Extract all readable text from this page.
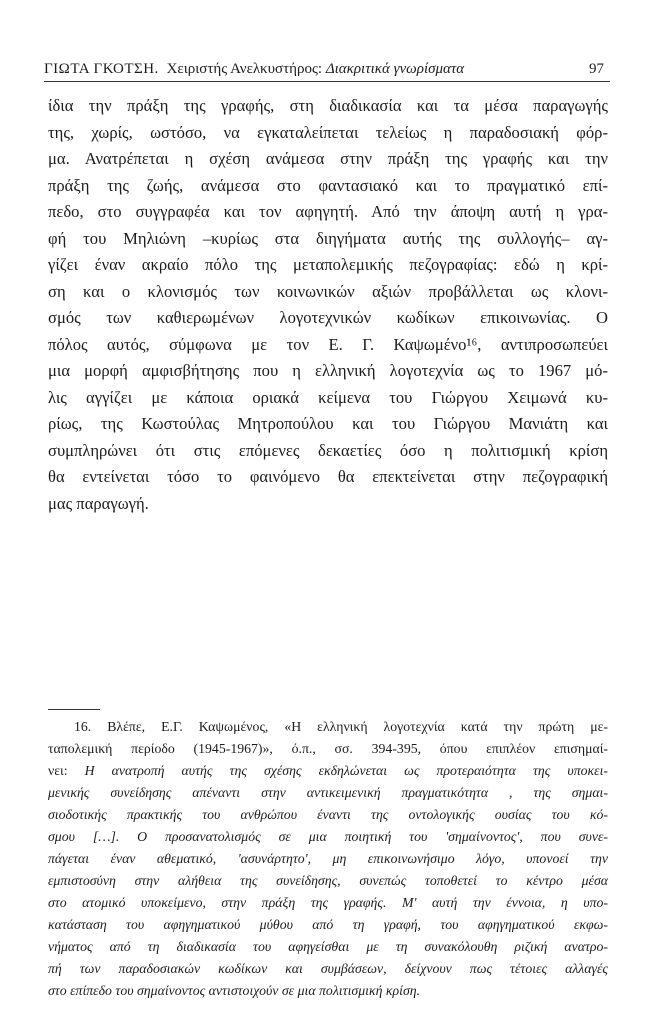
ΓΙΩΤΑ ΓΚΟΤΣΗ. Χειριστής Ανελκυστήρος: Διακριτικά γνωρίσματα	97
ίδια την πράξη της γραφής, στη διαδικασία και τα μέσα παραγωγής
της, χωρίς, ωστόσο, να εγκαταλείπεται τελείως η παραδοσιακή φόρ-
μα. Ανατρέπεται η σχέση ανάμεσα στην πράξη της γραφής και την
πράξη της ζωής, ανάμεσα στο φαντασιακό και το πραγματικό επί-
πεδο, στο συγγραφέα και τον αφηγητή. Από την άποψη αυτή η γρα-
φή του Μηλιώνη –κυρίως στα διηγήματα αυτής της συλλογής– αγ-
γίζει έναν ακραίο πόλο της μεταπολεμικής πεζογραφίας: εδώ η κρί-
ση και ο κλονισμός των κοινωνικών αξιών προβάλλεται ως κλονι-
σμός των καθιερωμένων λογοτεχνικών κωδίκων επικοινωνίας. Ο
πόλος αυτός, σύμφωνα με τον Ε. Γ. Καψωμένο¹⁶, αντιπροσωπεύει
μια μορφή αμφισβήτησης που η ελληνική λογοτεχνία ως το 1967 μό-
λις αγγίζει με κάποια οριακά κείμενα του Γιώργου Χειμωνά κυ-
ρίως, της Κωστούλας Μητροπούλου και του Γιώργου Μανιάτη και
συμπληρώνει ότι στις επόμενες δεκαετίες όσο η πολιτισμική κρίση
θα εντείνεται τόσο το φαινόμενο θα επεκτείνεται στην πεζογραφική
μας παραγωγή.
16. Βλέπε, Ε.Γ. Καψωμένος, «Η ελληνική λογοτεχνία κατά την πρώτη με-
ταπολεμική περίοδο (1945-1967)», ό.π., σσ. 394-395, όπου επιπλέον επισημαί-
νει: Η ανατροπή αυτής της σχέσης εκδηλώνεται ως προτεραιότητα της υποκει-
μενικής συνείδησης απέναντι στην αντικειμενική πραγματικότητα , της σημαι-
σιοδοτικής πρακτικής του ανθρώπου έναντι της οντολογικής ουσίας του κό-
σμου […]. Ο προσανατολισμός σε μια ποιητική του 'σημαίνοντος', που συνε-
πάγεται έναν αθεματικό, 'ασυνάρτητο', μη επικοινωνήσιμο λόγο, υπονοεί την
εμπιστοσύνη στην αλήθεια της συνείδησης, συνεπώς τοποθετεί το κέντρο μέσα
στο ατομικό υποκείμενο, στην πράξη της γραφής. Μ' αυτή την έννοια, η υπο-
κατάσταση του αφηγηματικού μύθου από τη γραφή, του αφηγηματικού εκφω-
νήματος από τη διαδικασία του αφηγείσθαι με τη συνακόλουθη ριζική ανατρο-
πή των παραδοσιακών κωδίκων και συμβάσεων, δείχνουν πως τέτοιες αλλαγές
στο επίπεδο του σημαίνοντος αντιστοιχούν σε μια πολιτισμική κρίση.
